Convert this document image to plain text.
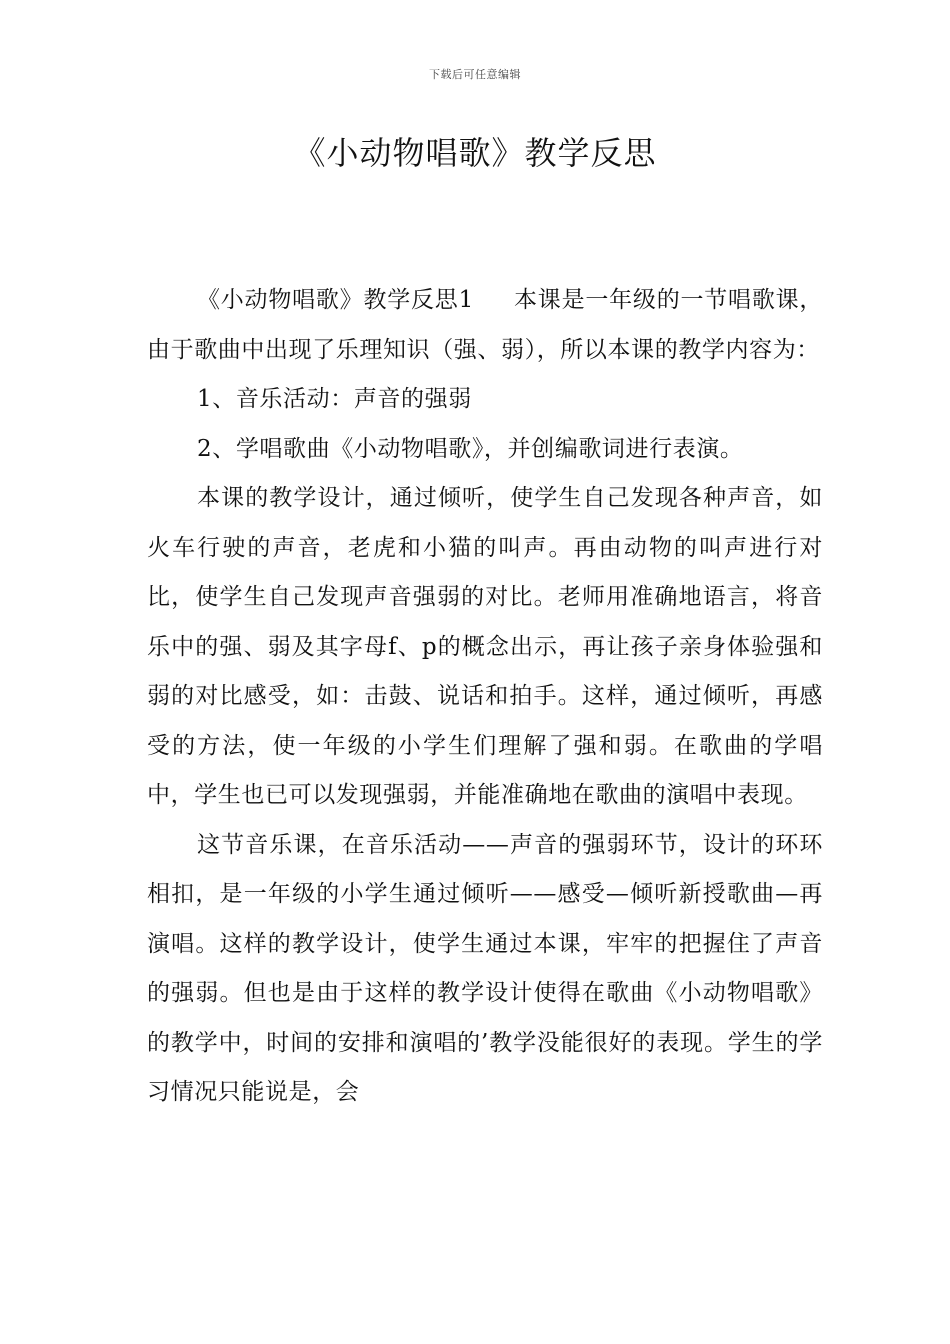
下载后可任意编辑
《小动物唱歌》教学反思

《小动物唱歌》教学反思1 本课是一年级的一节唱歌课，由于歌曲中出现了乐理知识（强、弱），所以本课的教学内容为：

1、音乐活动：声音的强弱

2、学唱歌曲《小动物唱歌》，并创编歌词进行表演。

本课的教学设计，通过倾听，使学生自己发现各种声音，如火车行驶的声音，老虎和小猫的叫声。再由动物的叫声进行对比，使学生自己发现声音强弱的对比。老师用准确地语言，将音乐中的强、弱及其字母f、p的概念出示，再让孩子亲身体验强和弱的对比感受，如：击鼓、说话和拍手。这样，通过倾听，再感受的方法，使一年级的小学生们理解了强和弱。在歌曲的学唱中，学生也已可以发现强弱，并能准确地在歌曲的演唱中表现。

这节音乐课，在音乐活动——声音的强弱环节，设计的环环相扣，是一年级的小学生通过倾听——感受—倾听新授歌曲—再演唱。这样的教学设计，使学生通过本课，牢牢的把握住了声音的强弱。但也是由于这样的教学设计使得在歌曲《小动物唱歌》的教学中，时间的安排和演唱的’教学没能很好的表现。学生的学习情况只能说是，会
